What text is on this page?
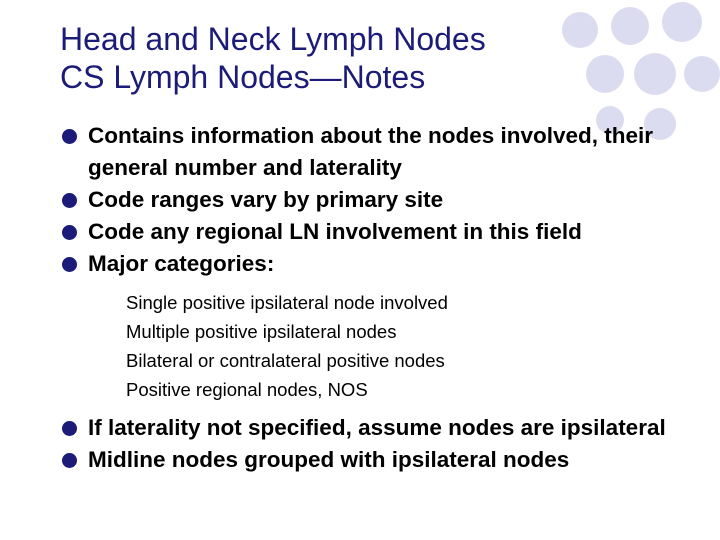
Head and Neck Lymph Nodes
CS Lymph Nodes—Notes
Contains information about the nodes involved, their general number and laterality
Code ranges vary by primary site
Code any regional LN involvement in this field
Major categories:
Single positive ipsilateral node involved
Multiple positive ipsilateral nodes
Bilateral or contralateral positive nodes
Positive regional nodes, NOS
If laterality not specified, assume nodes are ipsilateral
Midline nodes grouped with ipsilateral nodes
